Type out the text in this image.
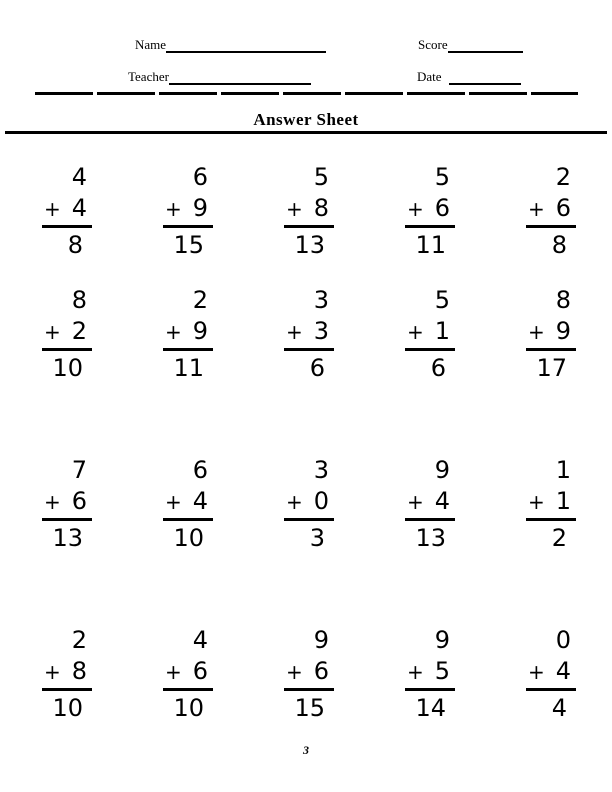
Name
Teacher
Score
Date
Answer Sheet
4
+ 4
8
6
+ 9
15
5
+ 8
13
5
+ 6
11
2
+ 6
8
8
+ 2
10
2
+ 9
11
3
+ 3
6
5
+ 1
6
8
+ 9
17
7
+ 6
13
6
+ 4
10
3
+ 0
3
9
+ 4
13
1
+ 1
2
2
+ 8
10
4
+ 6
10
9
+ 6
15
9
+ 5
14
0
+ 4
4
3
